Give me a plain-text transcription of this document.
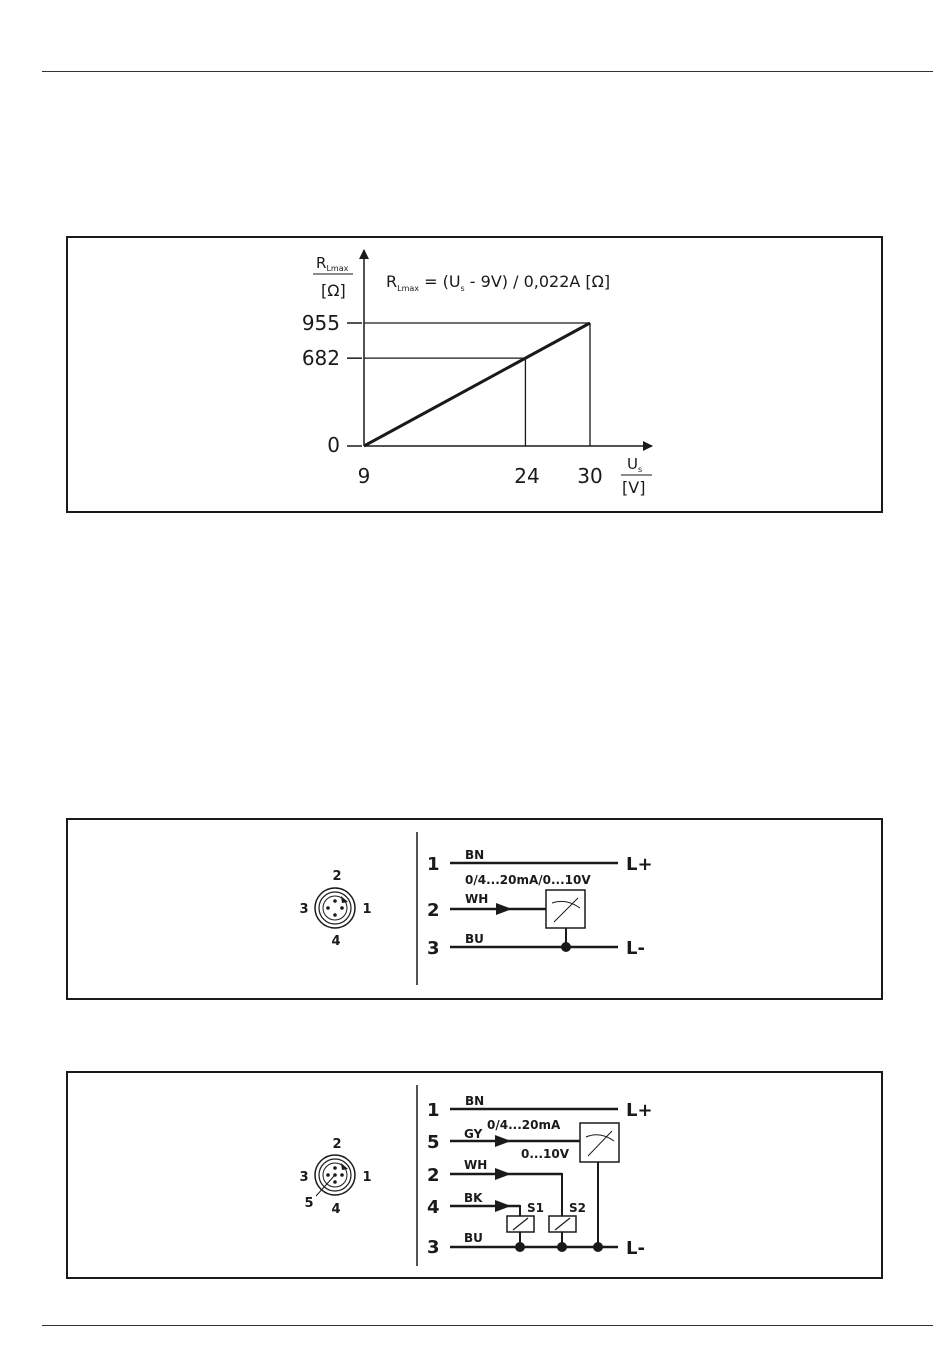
$R_{Lmax}$
[Ω]	$R_{Lmax} = (U_s - 9V) / 0,022A$ [Ω]
955
682
0
9	24 30 $U_s$
[V]
2
3	1
4
1 BN	L+
0/4...20mA/0...10V
2
WH
3 BU	L-
2
3	1
5 4
1 BN	L+
5 GY
0/4...20mA
0...10V
2 WH
4 BK
S1 S2
3 BU	L-
